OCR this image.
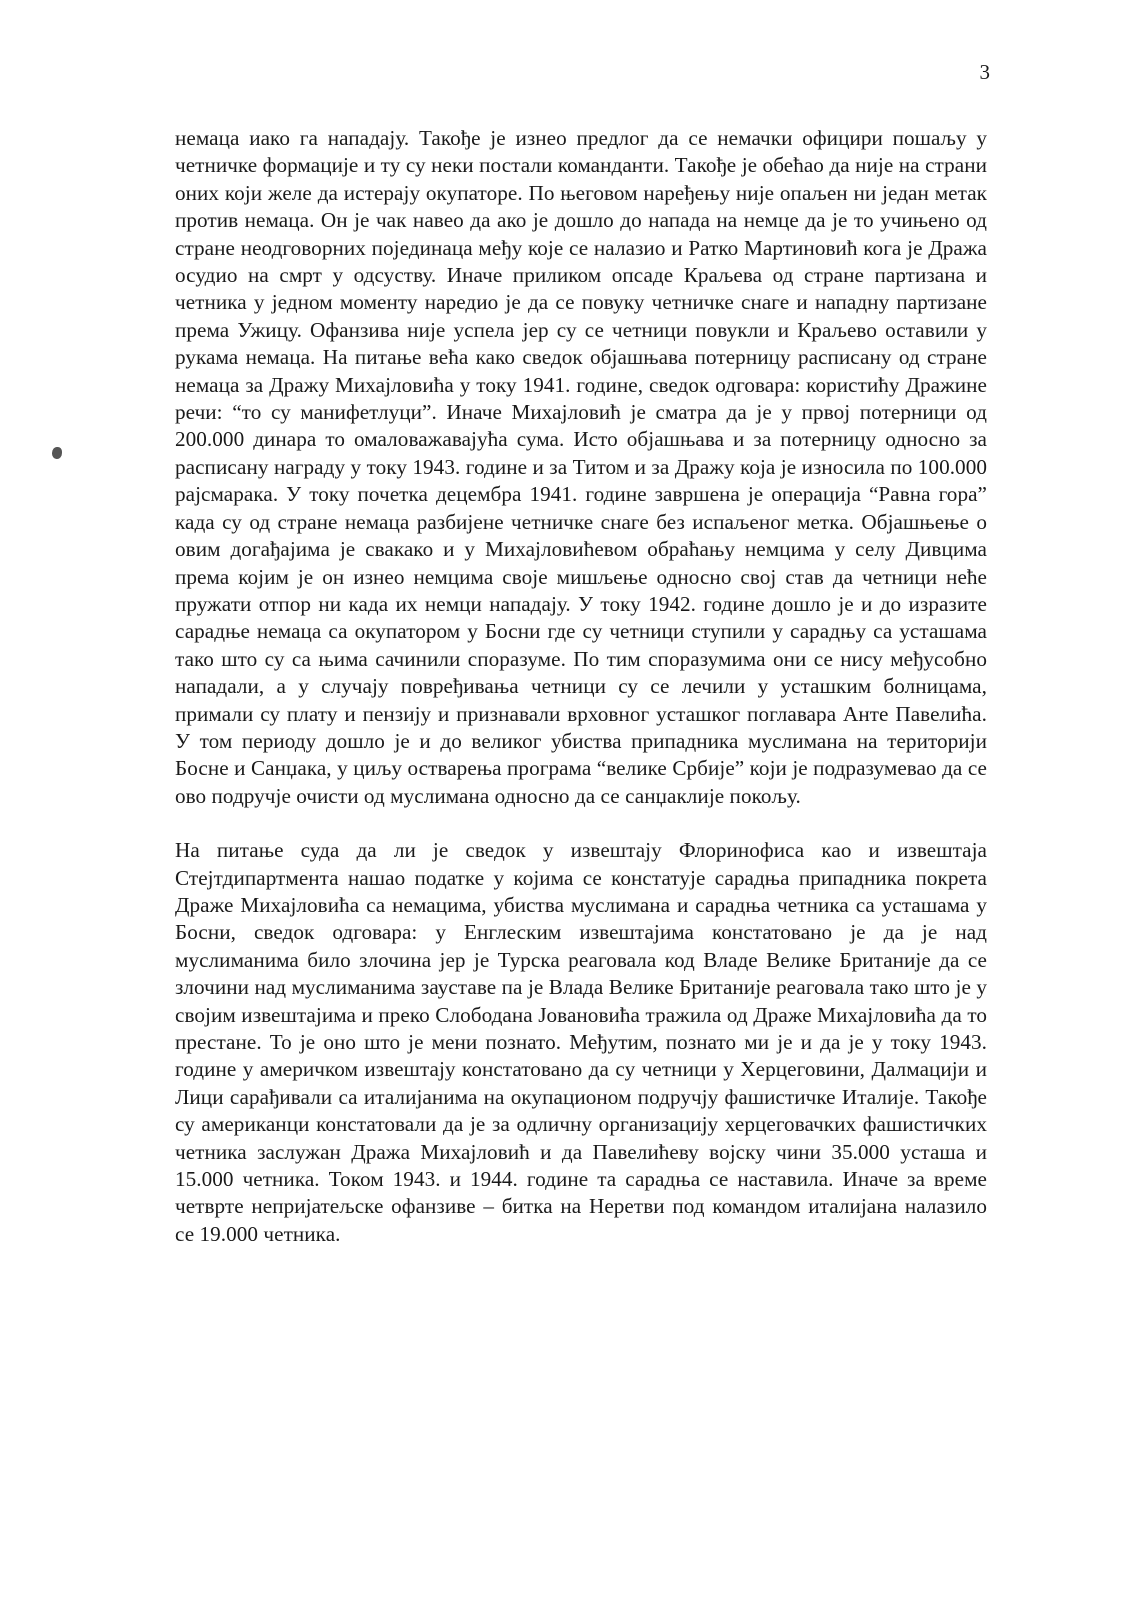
3

немаца иако га нападају. Такође је изнео предлог да се немачки официри пошаљу у четничке формације и ту су неки постали команданти. Такође је обећао да није на страни оних који желе да истерају окупаторе. По његовом наређењу није опаљен ни један метак против немаца. Он је чак навео да ако је дошло до напада на немце да је то учињено од стране неодговорних појединаца међу које се налазио и Ратко Мартиновић кога је Дража осудио на смрт у одсуству. Иначе приликом опсаде Краљева од стране партизана и четника у једном моменту наредио је да се повуку четничке снаге и нападну партизане према Ужицу. Офанзива није успела јер су се четници повукли и Краљево оставили у рукама немаца. На питање већа како сведок објашњава потерницу расписану од стране немаца за Дражу Михајловића у току 1941. године, сведок одговара: користићу Дражине речи: “то су манифетлуци”. Иначе Михајловић је сматра да је у првој потерници од 200.000 динара то омаловажавајућа сума. Исто објашњава и за потерницу односно за расписану награду у току 1943. године и за Титом и за Дражу која је износила по 100.000 рајсмарака. У току почетка децембра 1941. године завршена је операција “Равна гора” када су од стране немаца разбијене четничке снаге без испаљеног метка. Објашњење о овим догађајима је свакако и у Михајловићевом обраћању немцима у селу Дивцима према којим је он изнео немцима своје мишљење односно свој став да четници неће пружати отпор ни када их немци нападају. У току 1942. године дошло је и до изразите сарадње немаца са окупатором у Босни где су четници ступили у сарадњу са усташама тако што су са њима сачинили споразуме. По тим споразумима они се нису међусобно нападали, а у случају повређивања четници су се лечили у усташким болницама, примали су плату и пензију и признавали врховног усташког поглавара Анте Павелића. У том периоду дошло је и до великог убиства припадника муслимана на територији Босне и Санџака, у циљу остварења програма “велике Србије” који је подразумевао да се ово подручје очисти од муслимана односно да се санџаклије покољу.

На питање суда да ли је сведок у извештају Флоринофиса као и извештаја Стејтдипартмента нашао податке у којима се констатује сарадња припадника покрета Драже Михајловића са немацима, убиства муслимана и сарадња четника са усташама у Босни, сведок одговара: у Енглеским извештајима констатовано је да је над муслиманима било злочина јер је Турска реаговала код Владе Велике Британије да се злочини над муслиманима зауставе па је Влада Велике Британије реаговала тако што је у својим извештајима и преко Слободана Јовановића тражила од Драже Михајловића да то престане. То је оно што је мени познато. Међутим, познато ми је и да је у току 1943. године у америчком извештају констатовано да су четници у Херцеговини, Далмацији и Лици сарађивали са италијанима на окупационом подручју фашистичке Италије. Такође су американци констатовали да је за одличну организацију херцеговачких фашистичких четника заслужан Дража Михајловић и да Павелићеву војску чини 35.000 усташа и 15.000 четника. Током 1943. и 1944. године та сарадња се наставила. Иначе за време четврте непријатељске офанзиве – битка на Неретви под командом италијана налазило се 19.000 четника.
